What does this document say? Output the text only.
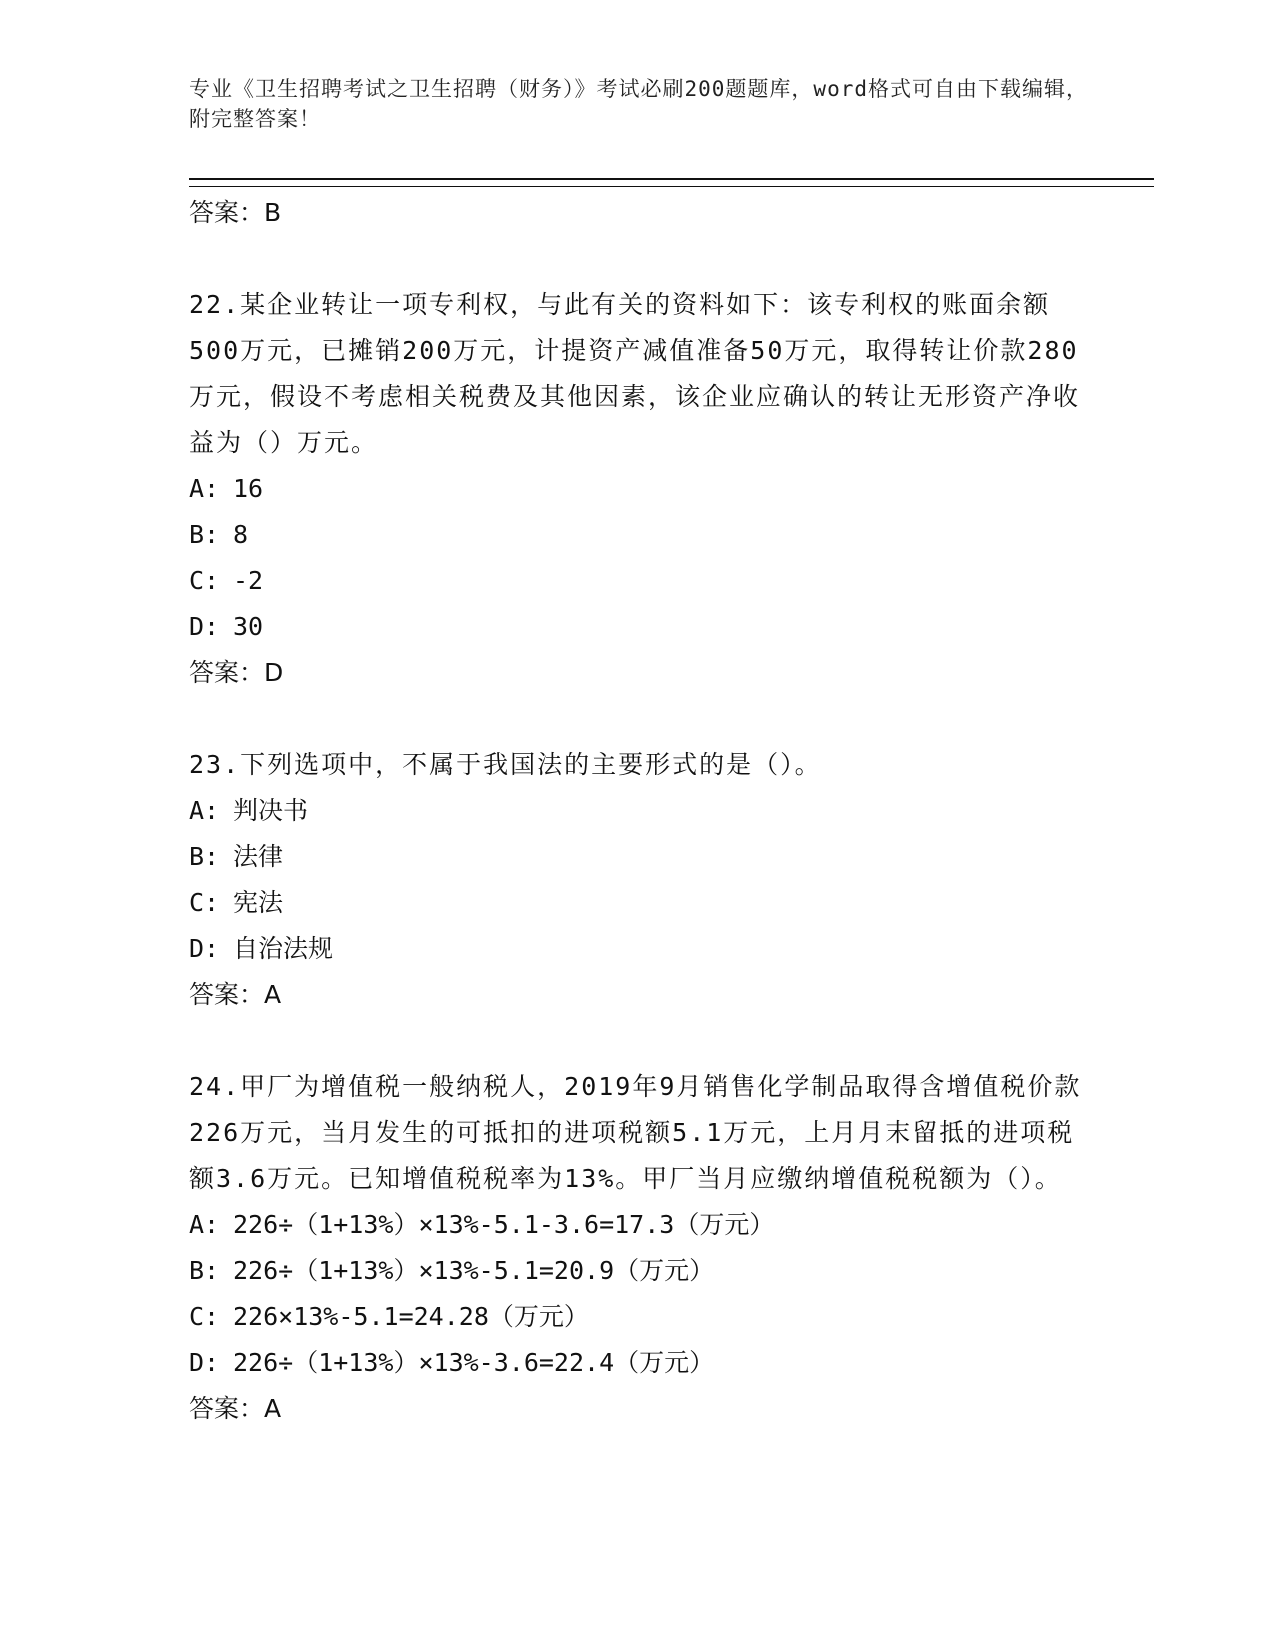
专业《卫生招聘考试之卫生招聘（财务）》考试必刷200题题库，word格式可自由下载编辑，附完整答案！

答案：B

22.某企业转让一项专利权，与此有关的资料如下：该专利权的账面余额500万元，已摊销200万元，计提资产减值准备50万元，取得转让价款280万元，假设不考虑相关税费及其他因素，该企业应确认的转让无形资产净收益为（）万元。

A: 16

B: 8

C: -2

D: 30

答案：D

23.下列选项中，不属于我国法的主要形式的是（）。

A: 判决书

B: 法律

C: 宪法

D: 自治法规

答案：A

24.甲厂为增值税一般纳税人，2019年9月销售化学制品取得含增值税价款226万元，当月发生的可抵扣的进项税额5.1万元，上月月末留抵的进项税额3.6万元。已知增值税税率为13%。甲厂当月应缴纳增值税税额为（）。

A: 226÷（1+13%）×13%-5.1-3.6=17.3（万元）

B: 226÷（1+13%）×13%-5.1=20.9（万元）

C: 226×13%-5.1=24.28（万元）

D: 226÷（1+13%）×13%-3.6=22.4（万元）

答案：A
